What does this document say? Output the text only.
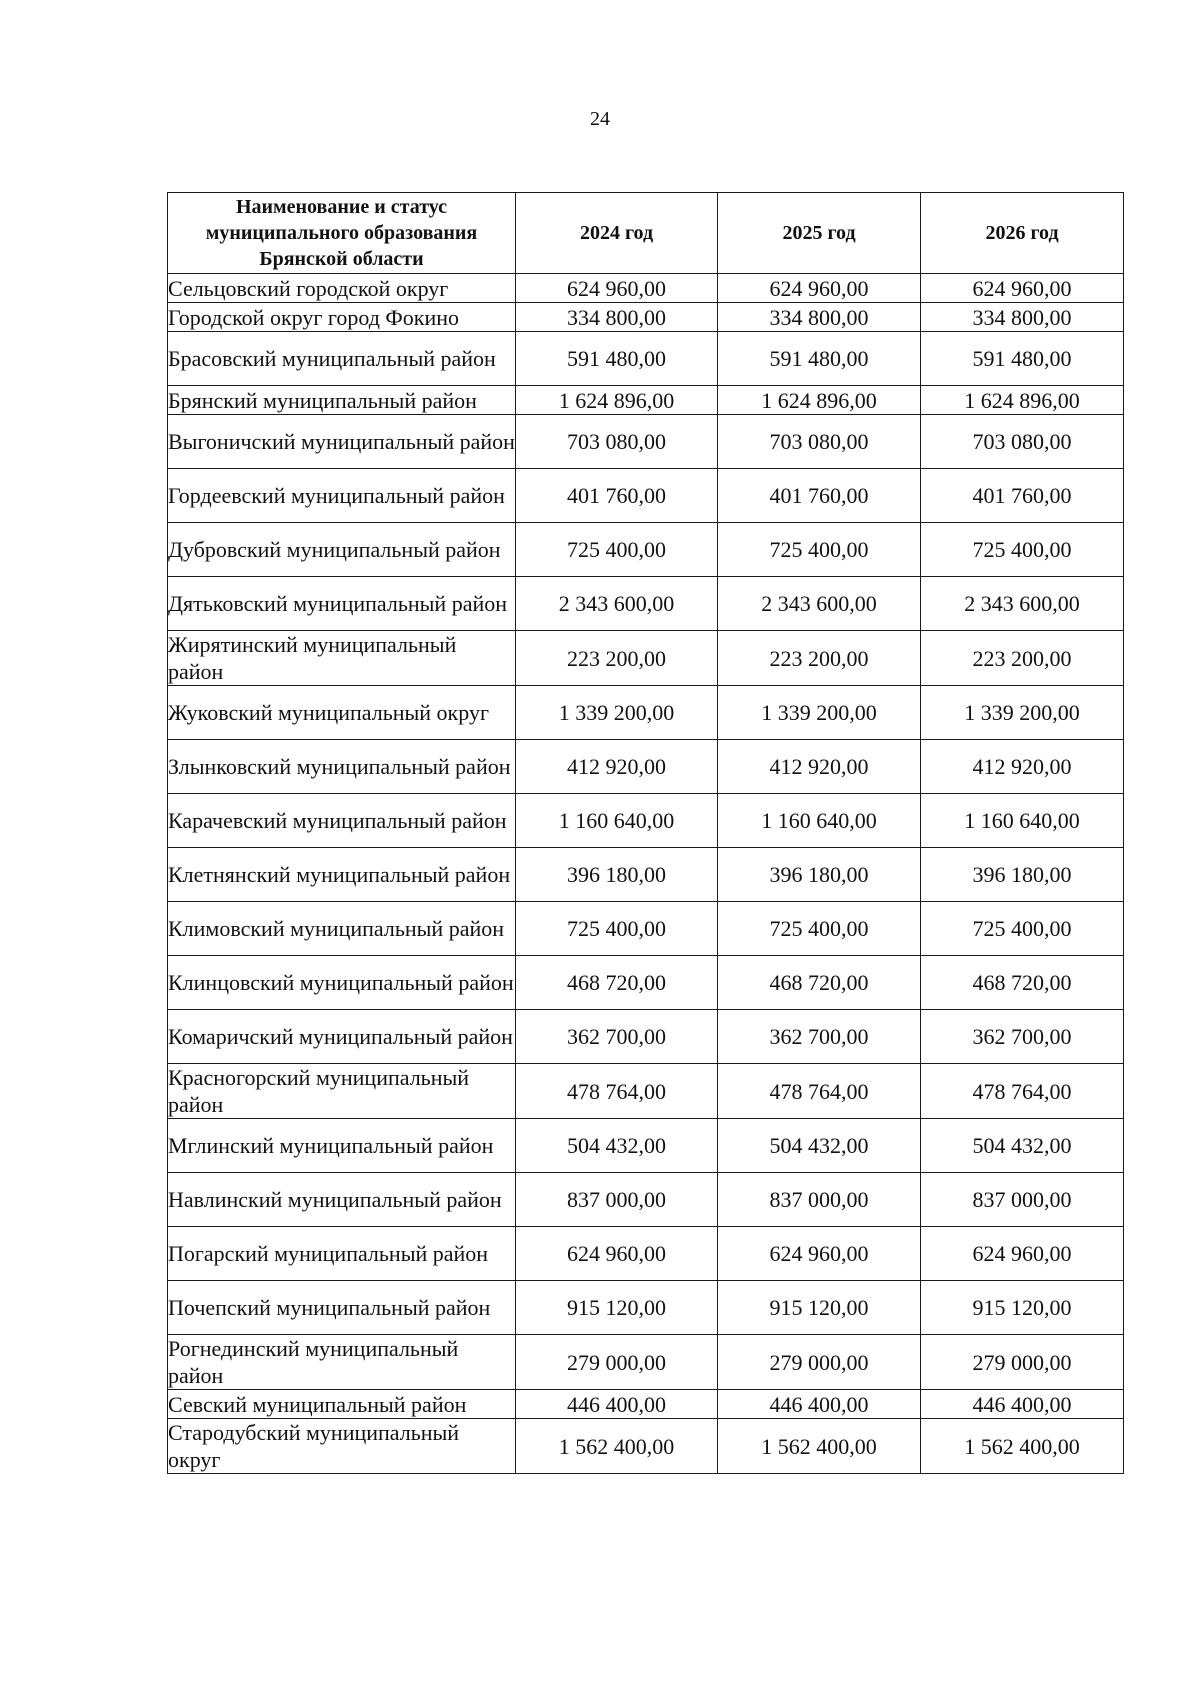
24
Наименование и статус муниципального образования Брянской области	2024 год	2025 год	2026 год
Сельцовский городской округ	624 960,00	624 960,00	624 960,00
Городской округ город Фокино	334 800,00	334 800,00	334 800,00
Брасовский муниципальный район	591 480,00	591 480,00	591 480,00
Брянский муниципальный район	1 624 896,00	1 624 896,00	1 624 896,00
Выгоничский муниципальный район	703 080,00	703 080,00	703 080,00
Гордеевский муниципальный район	401 760,00	401 760,00	401 760,00
Дубровский муниципальный район	725 400,00	725 400,00	725 400,00
Дятьковский муниципальный район	2 343 600,00	2 343 600,00	2 343 600,00
Жирятинский муниципальный район	223 200,00	223 200,00	223 200,00
Жуковский муниципальный округ	1 339 200,00	1 339 200,00	1 339 200,00
Злынковский муниципальный район	412 920,00	412 920,00	412 920,00
Карачевский муниципальный район	1 160 640,00	1 160 640,00	1 160 640,00
Клетнянский муниципальный район	396 180,00	396 180,00	396 180,00
Климовский муниципальный район	725 400,00	725 400,00	725 400,00
Клинцовский муниципальный район	468 720,00	468 720,00	468 720,00
Комаричский муниципальный район	362 700,00	362 700,00	362 700,00
Красногорский муниципальный район	478 764,00	478 764,00	478 764,00
Мглинский муниципальный район	504 432,00	504 432,00	504 432,00
Навлинский муниципальный район	837 000,00	837 000,00	837 000,00
Погарский муниципальный район	624 960,00	624 960,00	624 960,00
Почепский муниципальный район	915 120,00	915 120,00	915 120,00
Рогнединский муниципальный район	279 000,00	279 000,00	279 000,00
Севский муниципальный район	446 400,00	446 400,00	446 400,00
Стародубский муниципальный округ	1 562 400,00	1 562 400,00	1 562 400,00
